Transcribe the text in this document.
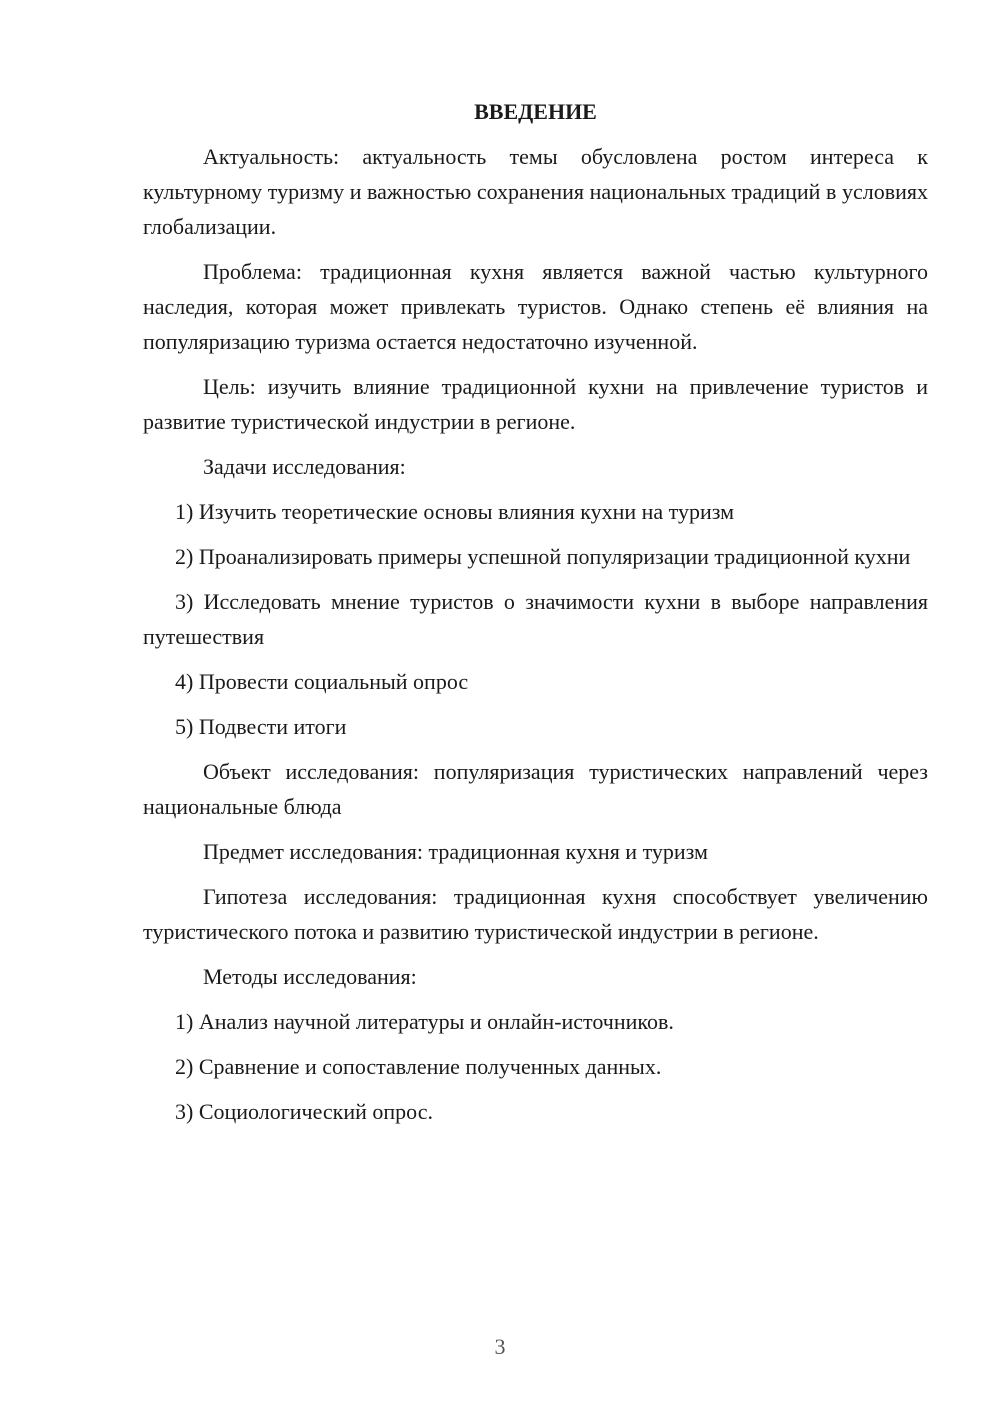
ВВЕДЕНИЕ
Актуальность: актуальность темы обусловлена ростом интереса к культурному туризму и важностью сохранения национальных традиций в условиях глобализации.
Проблема: традиционная кухня является важной частью культурного наследия, которая может привлекать туристов. Однако степень её влияния на популяризацию туризма остается недостаточно изученной.
Цель: изучить влияние традиционной кухни на привлечение туристов и развитие туристической индустрии в регионе.
Задачи исследования:
1) Изучить теоретические основы влияния кухни на туризм
2) Проанализировать примеры успешной популяризации традиционной кухни
3) Исследовать мнение туристов о значимости кухни в выборе направления путешествия
4) Провести социальный опрос
5) Подвести итоги
Объект исследования: популяризация туристических направлений через национальные блюда
Предмет исследования: традиционная кухня и туризм
Гипотеза исследования: традиционная кухня способствует увеличению туристического потока и развитию туристической индустрии в регионе.
Методы исследования:
1) Анализ научной литературы и онлайн-источников.
2) Сравнение и сопоставление полученных данных.
3) Социологический опрос.
3
